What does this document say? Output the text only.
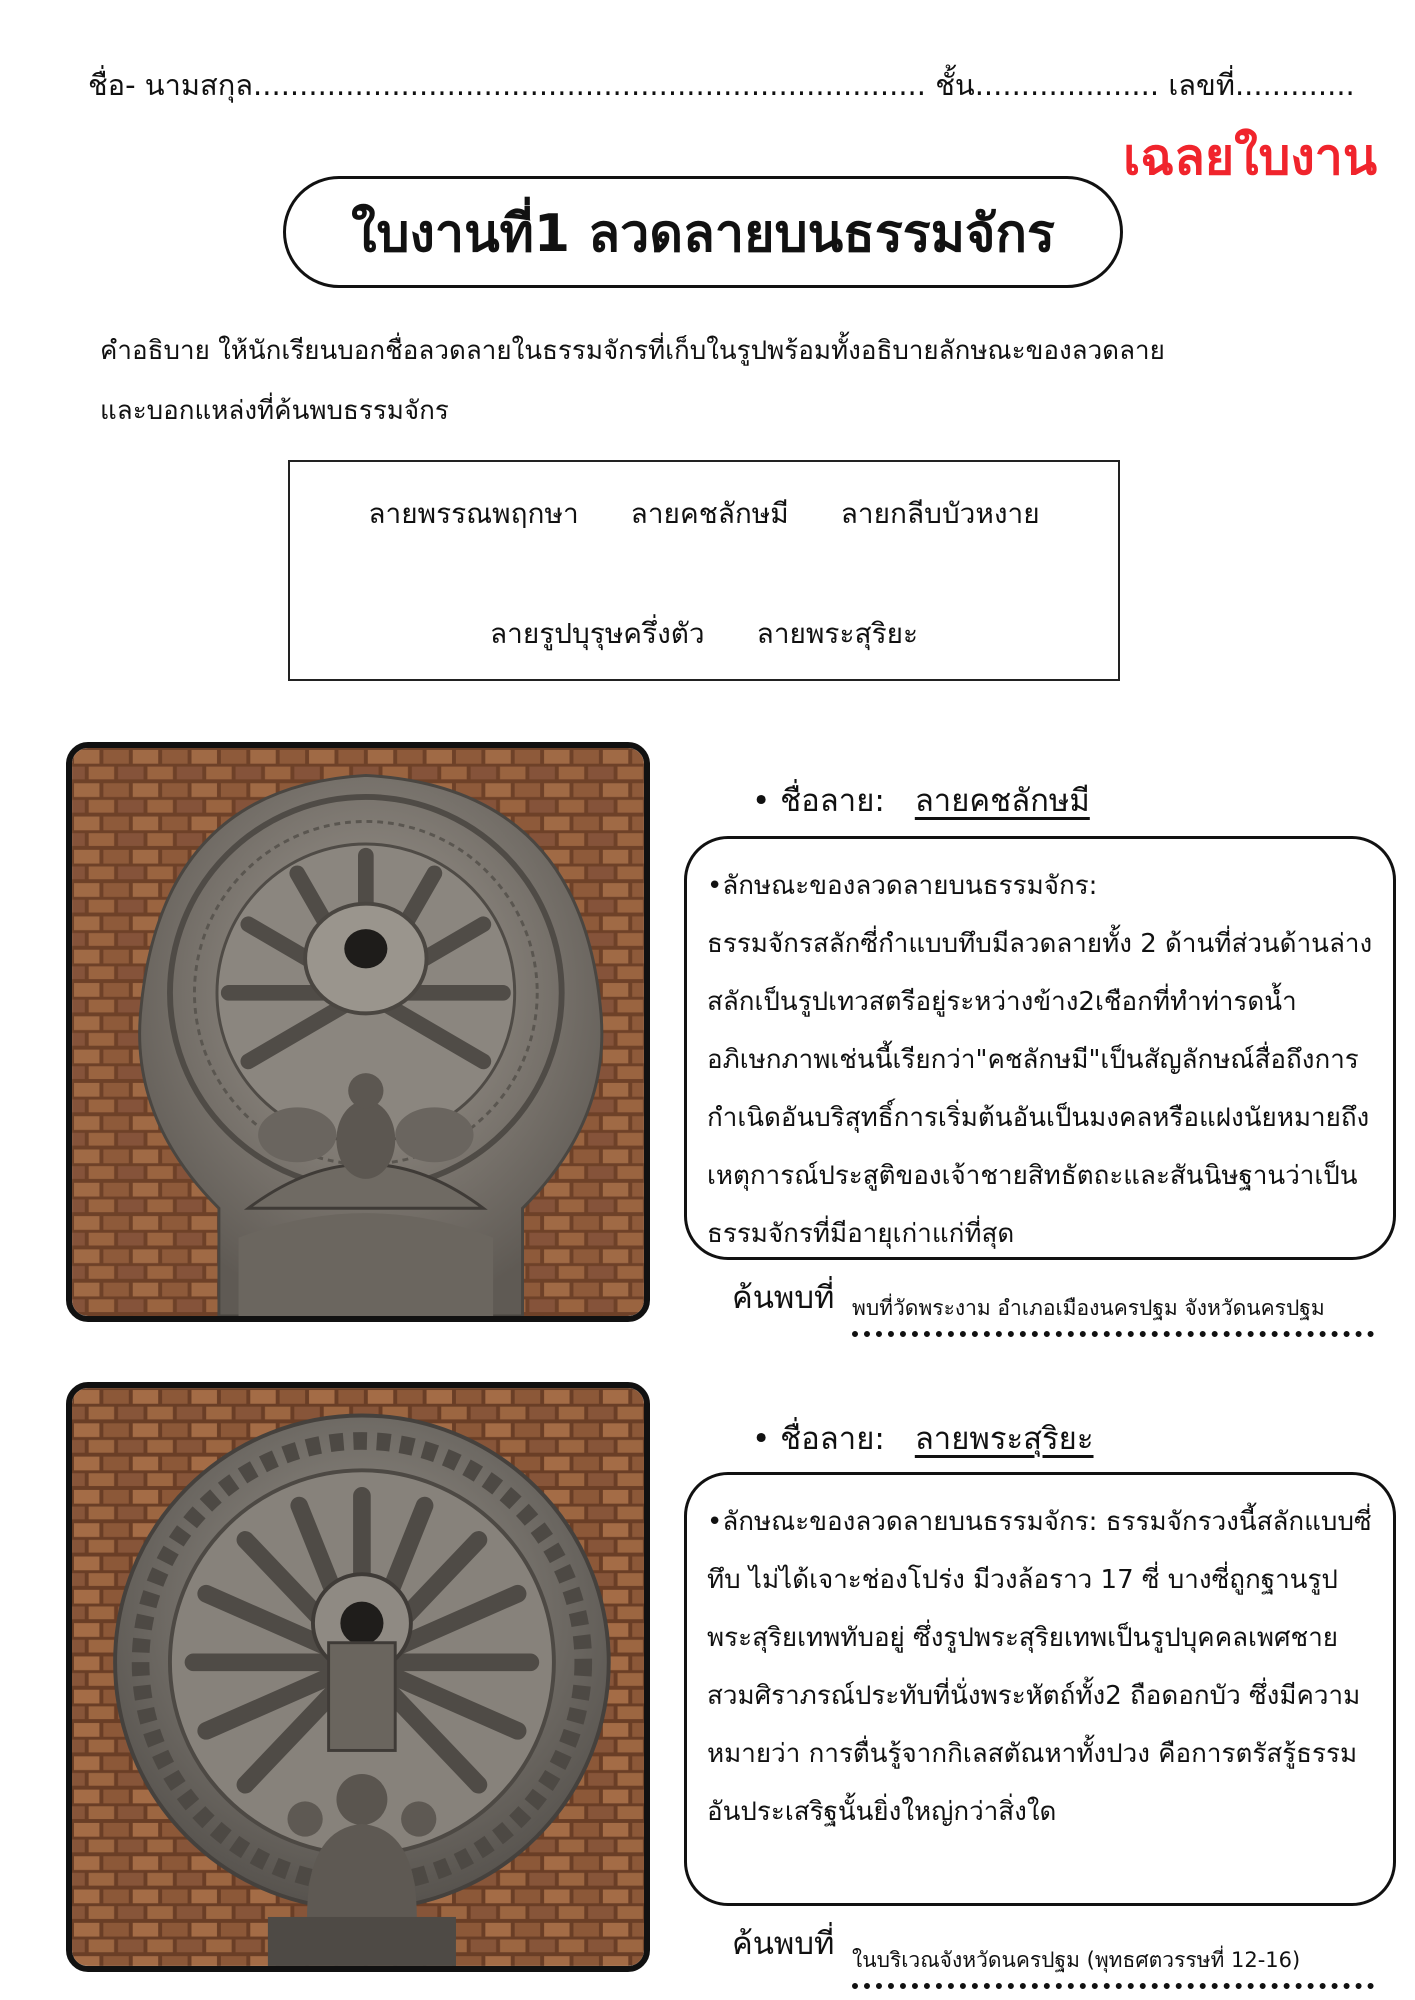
ชื่อ- นามสกุล......................................................................... ชั้น.................... เลขที่.............
เฉลยใบงาน
ใบงานที่1 ลวดลายบนธรรมจักร
คำอธิบาย ให้นักเรียนบอกชื่อลวดลายในธรรมจักรที่เก็บในรูปพร้อมทั้งอธิบายลักษณะของลวดลาย
และบอกแหล่งที่ค้นพบธรรมจักร
ลายพรรณพฤกษา ลายคชลักษมี ลายกลีบบัวหงาย
ลายรูปบุรุษครึ่งตัว ลายพระสุริยะ
• ชื่อลาย: ลายคชลักษมี
•ลักษณะของลวดลายบนธรรมจักร:
ธรรมจักรสลักซี่กำแบบทึบมีลวดลายทั้ง 2 ด้านที่ส่วนด้านล่าง
สลักเป็นรูปเทวสตรีอยู่ระหว่างข้าง2เชือกที่ทำท่ารดน้ำ
อภิเษกภาพเช่นนี้เรียกว่า"คชลักษมี"เป็นสัญลักษณ์สื่อถึงการ
กำเนิดอันบริสุทธิ์การเริ่มต้นอันเป็นมงคลหรือแฝงนัยหมายถึง
เหตุการณ์ประสูติของเจ้าชายสิทธัตถะและสันนิษฐานว่าเป็น
ธรรมจักรที่มีอายุเก่าแก่ที่สุด
ค้นพบที่ พบที่วัดพระงาม อำเภอเมืองนครปฐม จังหวัดนครปฐม
• ชื่อลาย: ลายพระสุริยะ
•ลักษณะของลวดลายบนธรรมจักร: ธรรมจักรวงนี้สลักแบบซี่
ทึบ ไม่ได้เจาะช่องโปร่ง มีวงล้อราว 17 ซี่ บางซี่ถูกฐานรูป
พระสุริยเทพทับอยู่ ซึ่งรูปพระสุริยเทพเป็นรูปบุคคลเพศชาย
สวมศิราภรณ์ประทับที่นั่งพระหัตถ์ทั้ง2 ถือดอกบัว ซึ่งมีความ
หมายว่า การตื่นรู้จากกิเลสตัณหาทั้งปวง คือการตรัสรู้ธรรม
อันประเสริฐนั้นยิ่งใหญ่กว่าสิ่งใด
ค้นพบที่ ในบริเวณจังหวัดนครปฐม (พุทธศตวรรษที่ 12-16)
